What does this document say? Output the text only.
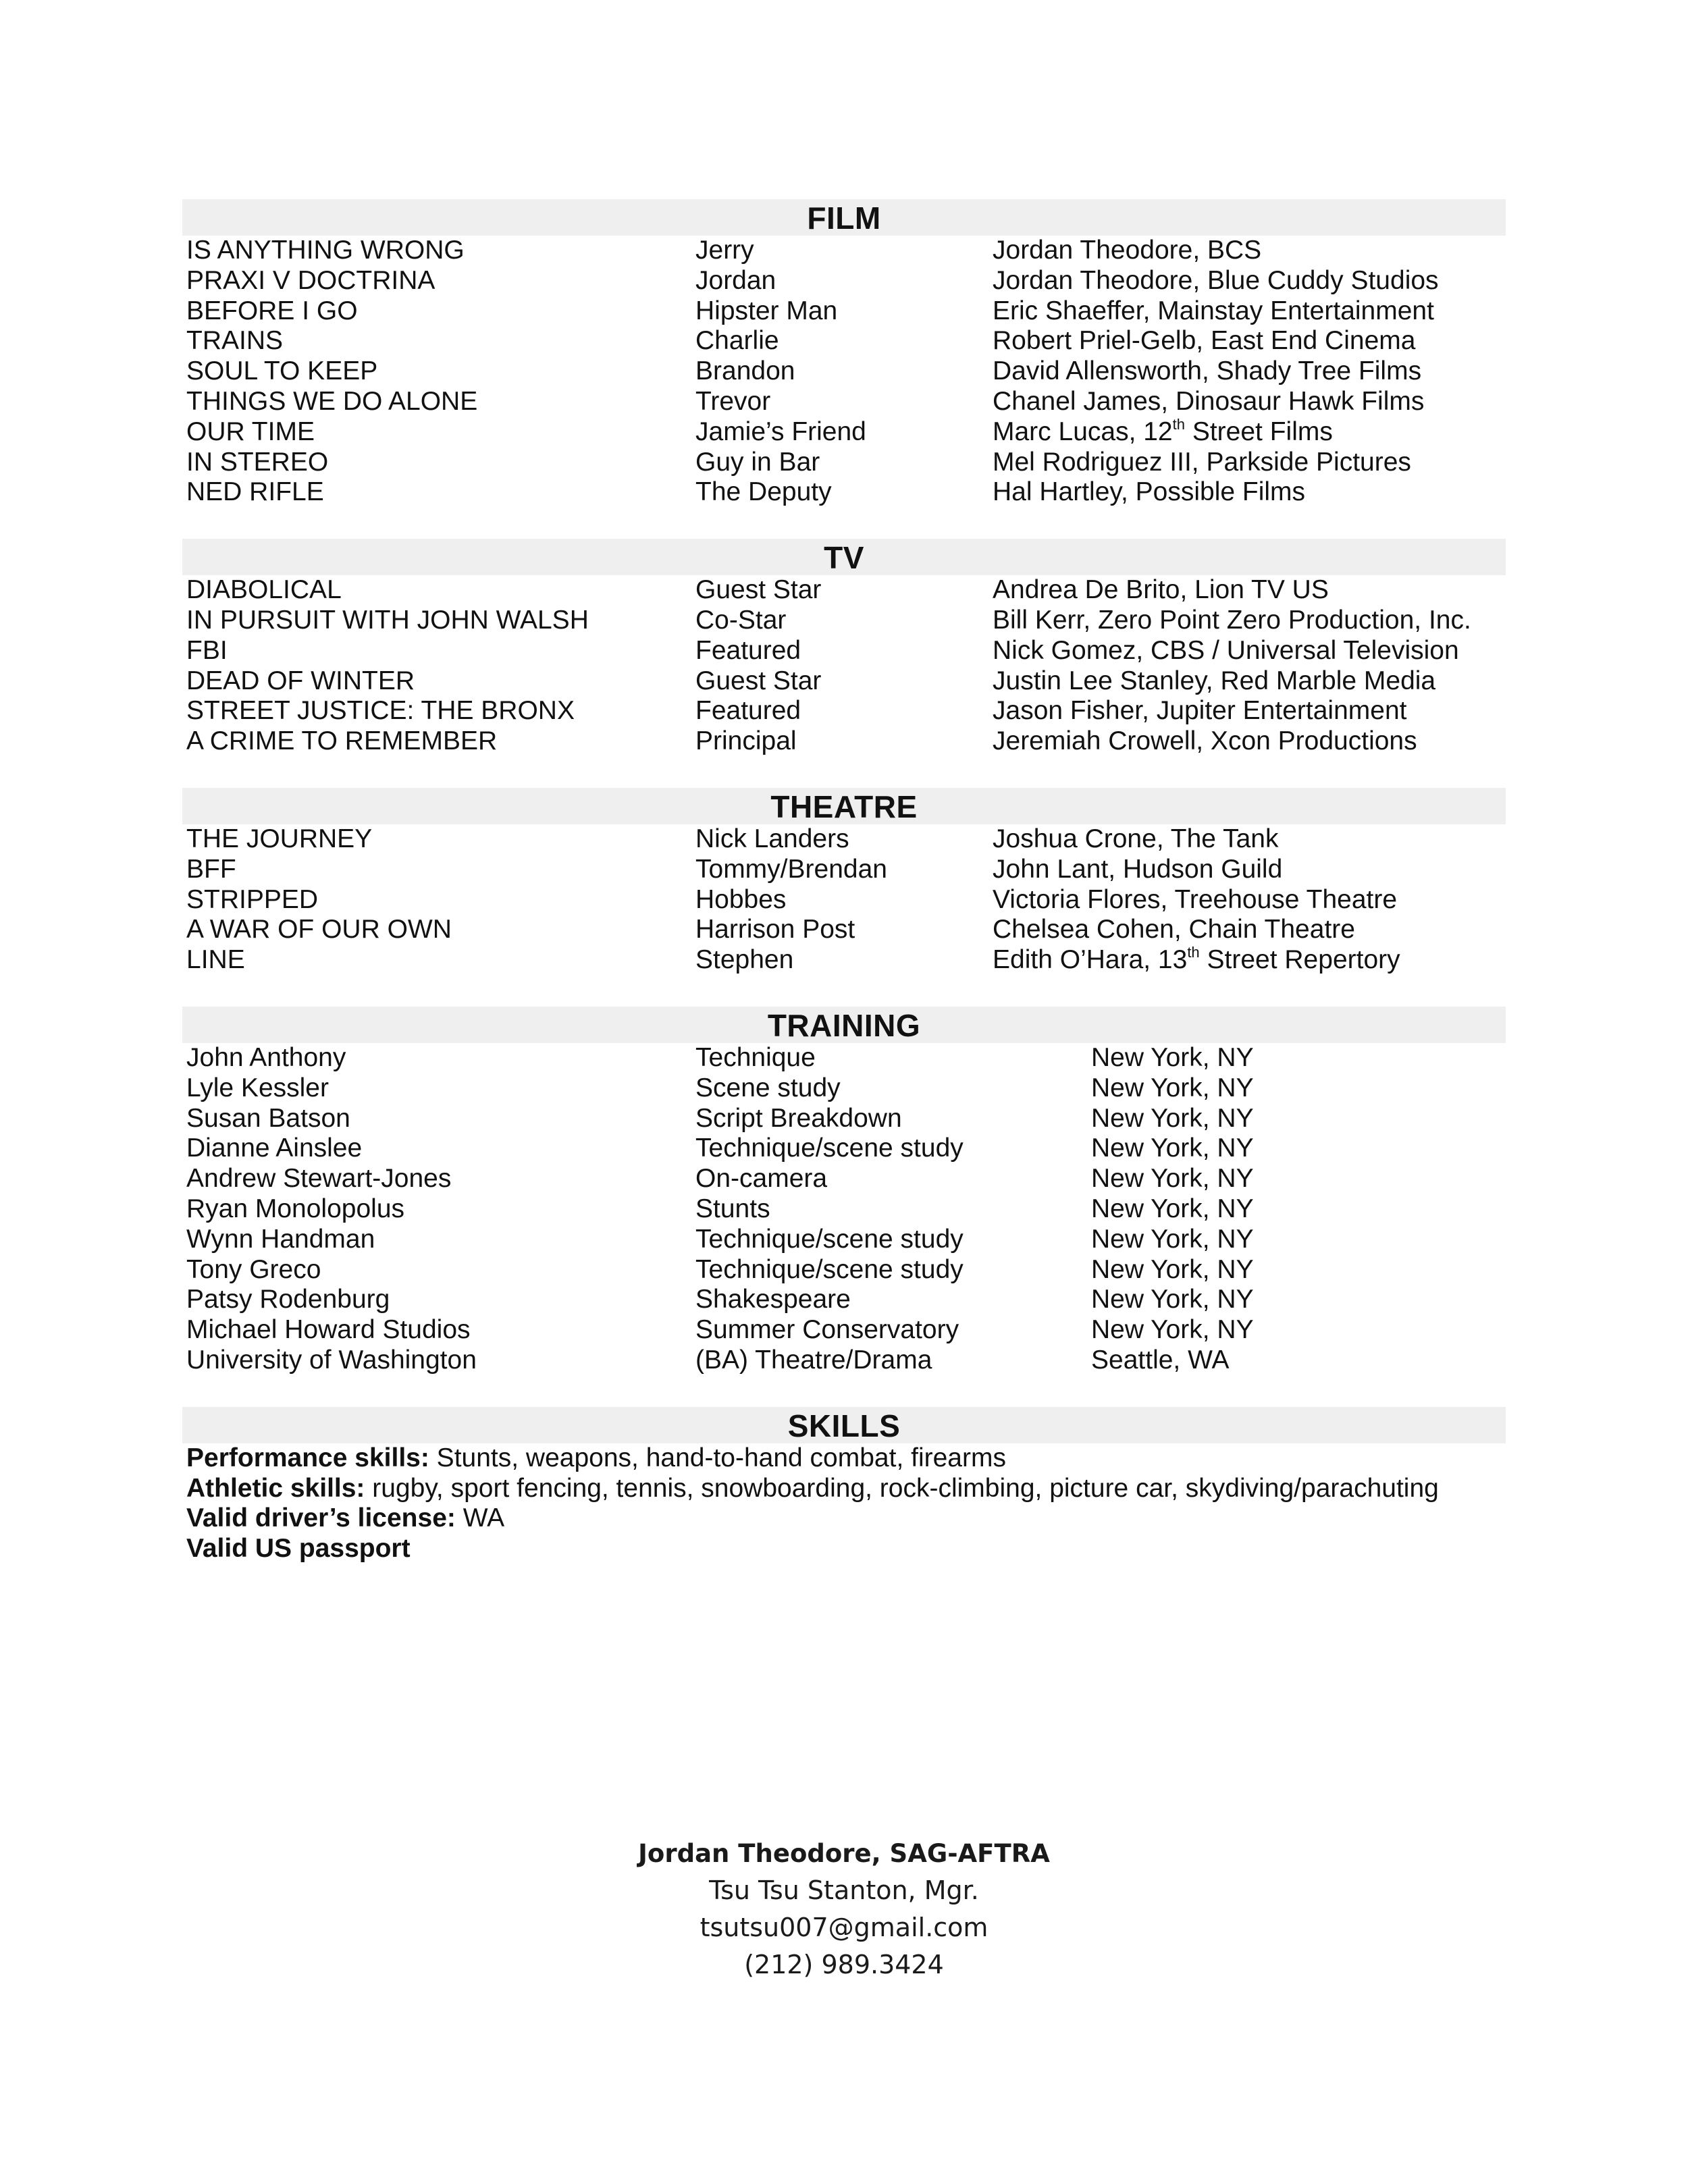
FILM
IS ANYTHING WRONG	Jerry	Jordan Theodore, BCS
PRAXI V DOCTRINA	Jordan	Jordan Theodore, Blue Cuddy Studios
BEFORE I GO	Hipster Man	Eric Shaeffer, Mainstay Entertainment
TRAINS	Charlie	Robert Priel-Gelb, East End Cinema
SOUL TO KEEP	Brandon	David Allensworth, Shady Tree Films
THINGS WE DO ALONE	Trevor	Chanel James, Dinosaur Hawk Films
OUR TIME	Jamie’s Friend	Marc Lucas, 12th Street Films
IN STEREO	Guy in Bar	Mel Rodriguez III, Parkside Pictures
NED RIFLE	The Deputy	Hal Hartley, Possible Films
TV
DIABOLICAL	Guest Star	Andrea De Brito, Lion TV US
IN PURSUIT WITH JOHN WALSH	Co-Star	Bill Kerr, Zero Point Zero Production, Inc.
FBI	Featured	Nick Gomez, CBS / Universal Television
DEAD OF WINTER	Guest Star	Justin Lee Stanley, Red Marble Media
STREET JUSTICE: THE BRONX	Featured	Jason Fisher, Jupiter Entertainment
A CRIME TO REMEMBER	Principal	Jeremiah Crowell, Xcon Productions
THEATRE
THE JOURNEY	Nick Landers	Joshua Crone, The Tank
BFF	Tommy/Brendan	John Lant, Hudson Guild
STRIPPED	Hobbes	Victoria Flores, Treehouse Theatre
A WAR OF OUR OWN	Harrison Post	Chelsea Cohen, Chain Theatre
LINE	Stephen	Edith O’Hara, 13th Street Repertory
TRAINING
John Anthony	Technique	New York, NY
Lyle Kessler	Scene study	New York, NY
Susan Batson	Script Breakdown	New York, NY
Dianne Ainslee	Technique/scene study	New York, NY
Andrew Stewart-Jones	On-camera	New York, NY
Ryan Monolopolus	Stunts	New York, NY
Wynn Handman	Technique/scene study	New York, NY
Tony Greco	Technique/scene study	New York, NY
Patsy Rodenburg	Shakespeare	New York, NY
Michael Howard Studios	Summer Conservatory	New York, NY
University of Washington	(BA) Theatre/Drama	Seattle, WA
SKILLS
Performance skills: Stunts, weapons, hand-to-hand combat, firearms
Athletic skills: rugby, sport fencing, tennis, snowboarding, rock-climbing, picture car, skydiving/parachuting
Valid driver’s license: WA
Valid US passport
Jordan Theodore, SAG-AFTRA
Tsu Tsu Stanton, Mgr.
tsutsu007@gmail.com
(212) 989.3424
